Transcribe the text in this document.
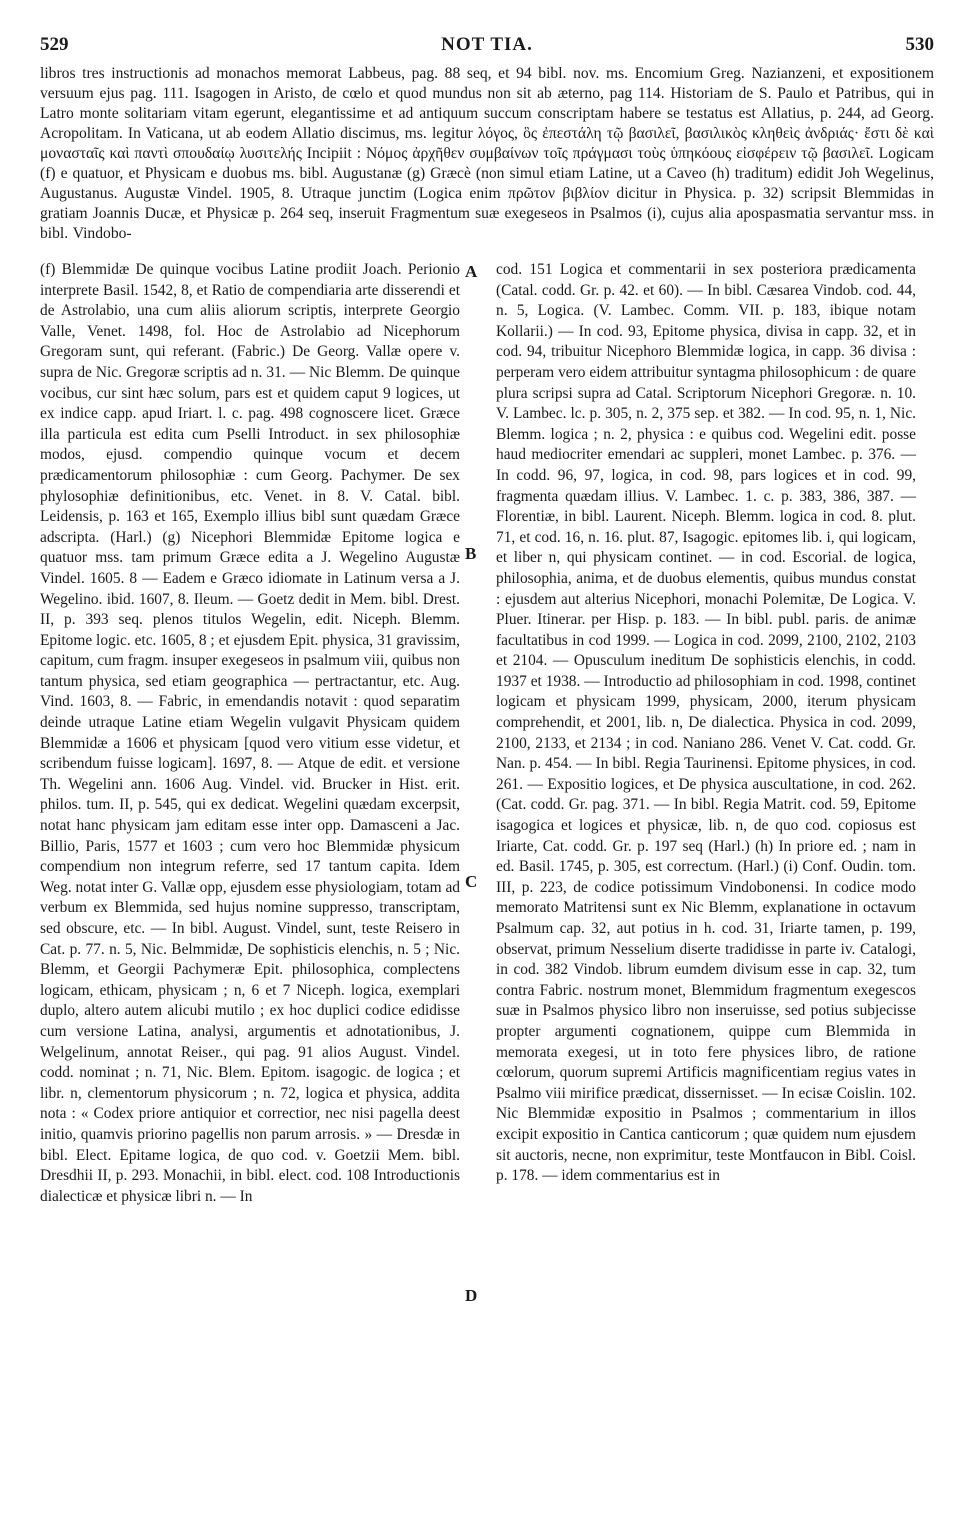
529	NOT TIA.	530

libros tres instructionis ad monachos memorat Labbeus, pag. 88 seq, et 94 bibl. nov. ms. Encomium Greg. Nazianzeni, et expositionem versuum ejus pag. 111. Isagogen in Aristo, de cœlo et quod mundus non sit ab æterno, pag 114. Historiam de S. Paulo et Patribus, qui in Latro monte solitariam vitam egerunt, elegantissime et ad antiquum succum conscriptam habere se testatus est Allatius, p. 244, ad Georg. Acropolitam. In Vaticana, ut ab eodem Allatio discimus, ms. legitur λόγος, ὃς ἐπεστάλη τῷ βασιλεῖ, βασιλικὸς κληθεὶς ἀνδριάς· ἔστι δὲ καὶ μονασταῖς καὶ παντὶ σπουδαίῳ λυσιτελής Incipiit : Νόμος ἀρχῆθεν συμβαίνων τοῖς πράγμασι τοὺς ὑπηκόους εἰσφέρειν τῷ βασιλεῖ. Logicam (f) e quatuor, et Physicam e duobus ms. bibl. Augustanæ (g) Græcè (non simul etiam Latine, ut a Caveo (h) traditum) edidit Joh Wegelinus, Augustanus. Augustæ Vindel. 1905, 8. Utraque junctim (Logica enim πρῶτον βιβλίον dicitur in Physica. p. 32) scripsit Blemmidas in gratiam Joannis Ducæ, et Physicæ p. 264 seq, inseruit Fragmentum suæ exegeseos in Psalmos (i), cujus alia apospasmatia servantur mss. in bibl. Vindobo-

(f) Blemmidæ De quinque vocibus Latine prodiit Joach. Perionio interprete Basil. 1542, 8, et Ratio de compendiaria arte disserendi et de Astrolabio, una cum aliis aliorum scriptis, interprete Georgio Valle, Venet. 1498, fol. Hoc de Astrolabio ad Nicephorum Gregoram sunt, qui referant. (Fabric.) De Georg. Vallæ opere v. supra de Nic. Gregoræ scriptis ad n. 31. — Nic Blemm. De quinque vocibus, cur sint hæc solum, pars est et quidem caput 9 logices, ut ex indice capp. apud Iriart. l. c. pag. 498 cognoscere licet. Græce illa particula est edita cum Pselli Introduct. in sex philosophiæ modos, ejusd. compendio quinque vocum et decem prædicamentorum philosophiæ : cum Georg. Pachymer. De sex phylosophiæ definitionibus, etc. Venet. in 8. V. Catal. bibl. Leidensis, p. 163 et 165, Exemplo illius bibl sunt quædam Græce adscripta. (Harl.) (g) Nicephori Blemmidæ Epitome logica e quatuor mss. tam primum Græce edita a J. Wegelino Augustæ Vindel. 1605. 8 — Eadem e Græco idiomate in Latinum versa a J. Wegelino. ibid. 1607, 8. Ileum. — Goetz dedit in Mem. bibl. Drest. II, p. 393 seq. plenos titulos Wegelin, edit. Niceph. Blemm. Epitome logic. etc. 1605, 8 ; et ejusdem Epit. physica, 31 gravissim, capitum, cum fragm. insuper exegeseos in psalmum viii, quibus non tantum physica, sed etiam geographica — pertractantur, etc. Aug. Vind. 1603, 8. — Fabric, in emendandis notavit : quod separatim deinde utraque Latine etiam Wegelin vulgavit Physicam quidem Blemmidæ a 1606 et physicam [quod vero vitium esse videtur, et scribendum fuisse logicam]. 1697, 8. — Atque de edit. et versione Th. Wegelini ann. 1606 Aug. Vindel. vid. Brucker in Hist. erit. philos. tum. II, p. 545, qui ex dedicat. Wegelini quædam excerpsit, notat hanc physicam jam editam esse inter opp. Damasceni a Jac. Billio, Paris, 1577 et 1603 ; cum vero hoc Blemmidæ physicum compendium non integrum referre, sed 17 tantum capita. Idem Weg. notat inter G. Vallæ opp, ejusdem esse physiologiam, totam ad verbum ex Blemmida, sed hujus nomine suppresso, transcriptam, sed obscure, etc. — In bibl. August. Vindel, sunt, teste Reisero in Cat. p. 77. n. 5, Nic. Belmmidæ, De sophisticis elenchis, n. 5 ; Nic. Blemm, et Georgii Pachymeræ Epit. philosophica, complectens logicam, ethicam, physicam ; n, 6 et 7 Niceph. logica, exemplari duplo, altero autem alicubi mutilo ; ex hoc duplici codice edidisse cum versione Latina, analysi, argumentis et adnotationibus, J. Welgelinum, annotat Reiser., qui pag. 91 alios August. Vindel. codd. nominat ; n. 71, Nic. Blem. Epitom. isagogic. de logica ; et libr. n, clementorum physicorum ; n. 72, logica et physica, addita nota : « Codex priore antiquior et correctior, nec nisi pagella deest initio, quamvis priorino pagellis non parum arrosis. » — Dresdæ in bibl. Elect. Epitame logica, de quo cod. v. Goetzii Mem. bibl. Dresdhii II, p. 293. Monachii, in bibl. elect. cod. 108 Introductionis dialecticæ et physicæ libri n. — In

A
B
C
D

cod. 151 Logica et commentarii in sex posteriora prædicamenta (Catal. codd. Gr. p. 42. et 60). — In bibl. Cæsarea Vindob. cod. 44, n. 5, Logica. (V. Lambec. Comm. VII. p. 183, ibique notam Kollarii.) — In cod. 93, Epitome physica, divisa in capp. 32, et in cod. 94, tribuitur Nicephoro Blemmidæ logica, in capp. 36 divisa : perperam vero eidem attribuitur syntagma philosophicum : de quare plura scripsi supra ad Catal. Scriptorum Nicephori Gregoræ. n. 10. V. Lambec. lc. p. 305, n. 2, 375 sep. et 382. — In cod. 95, n. 1, Nic. Blemm. logica ; n. 2, physica : e quibus cod. Wegelini edit. posse haud mediocriter emendari ac suppleri, monet Lambec. p. 376. — In codd. 96, 97, logica, in cod. 98, pars logices et in cod. 99, fragmenta quædam illius. V. Lambec. 1. c. p. 383, 386, 387. — Florentiæ, in bibl. Laurent. Niceph. Blemm. logica in cod. 8. plut. 71, et cod. 16, n. 16. plut. 87, Isagogic. epitomes lib. i, qui logicam, et liber n, qui physicam continet. — in cod. Escorial. de logica, philosophia, anima, et de duobus elementis, quibus mundus constat : ejusdem aut alterius Nicephori, monachi Polemitæ, De Logica. V. Pluer. Itinerar. per Hisp. p. 183. — In bibl. publ. paris. de animæ facultatibus in cod 1999. — Logica in cod. 2099, 2100, 2102, 2103 et 2104. — Opusculum ineditum De sophisticis elenchis, in codd. 1937 et 1938. — Introductio ad philosophiam in cod. 1998, continet logicam et physicam 1999, physicam, 2000, iterum physicam comprehendit, et 2001, lib. n, De dialectica. Physica in cod. 2099, 2100, 2133, et 2134 ; in cod. Naniano 286. Venet V. Cat. codd. Gr. Nan. p. 454. — In bibl. Regia Taurinensi. Epitome physices, in cod. 261. — Expositio logices, et De physica auscultatione, in cod. 262. (Cat. codd. Gr. pag. 371. — In bibl. Regia Matrit. cod. 59, Epitome isagogica et logices et physicæ, lib. n, de quo cod. copiosus est Iriarte, Cat. codd. Gr. p. 197 seq (Harl.) (h) In priore ed. ; nam in ed. Basil. 1745, p. 305, est correctum. (Harl.) (i) Conf. Oudin. tom. III, p. 223, de codice potissimum Vindobonensi. In codice modo memorato Matritensi sunt ex Nic Blemm, explanatione in octavum Psalmum cap. 32, aut potius in h. cod. 31, Iriarte tamen, p. 199, observat, primum Nesselium diserte tradidisse in parte iv. Catalogi, in cod. 382 Vindob. librum eumdem divisum esse in cap. 32, tum contra Fabric. nostrum monet, Blemmidum fragmentum exegescos suæ in Psalmos physico libro non inseruisse, sed potius subjecisse propter argumenti cognationem, quippe cum Blemmida in memorata exegesi, ut in toto fere physices libro, de ratione cœlorum, quorum supremi Artificis magnificentiam regius vates in Psalmo viii mirifice prædicat, dissernisset. — In ecisæ Coislin. 102. Nic Blemmidæ expositio in Psalmos ; commentarium in illos excipit expositio in Cantica canticorum ; quæ quidem num ejusdem sit auctoris, necne, non exprimitur, teste Montfaucon in Bibl. Coisl. p. 178. — idem commentarius est in
